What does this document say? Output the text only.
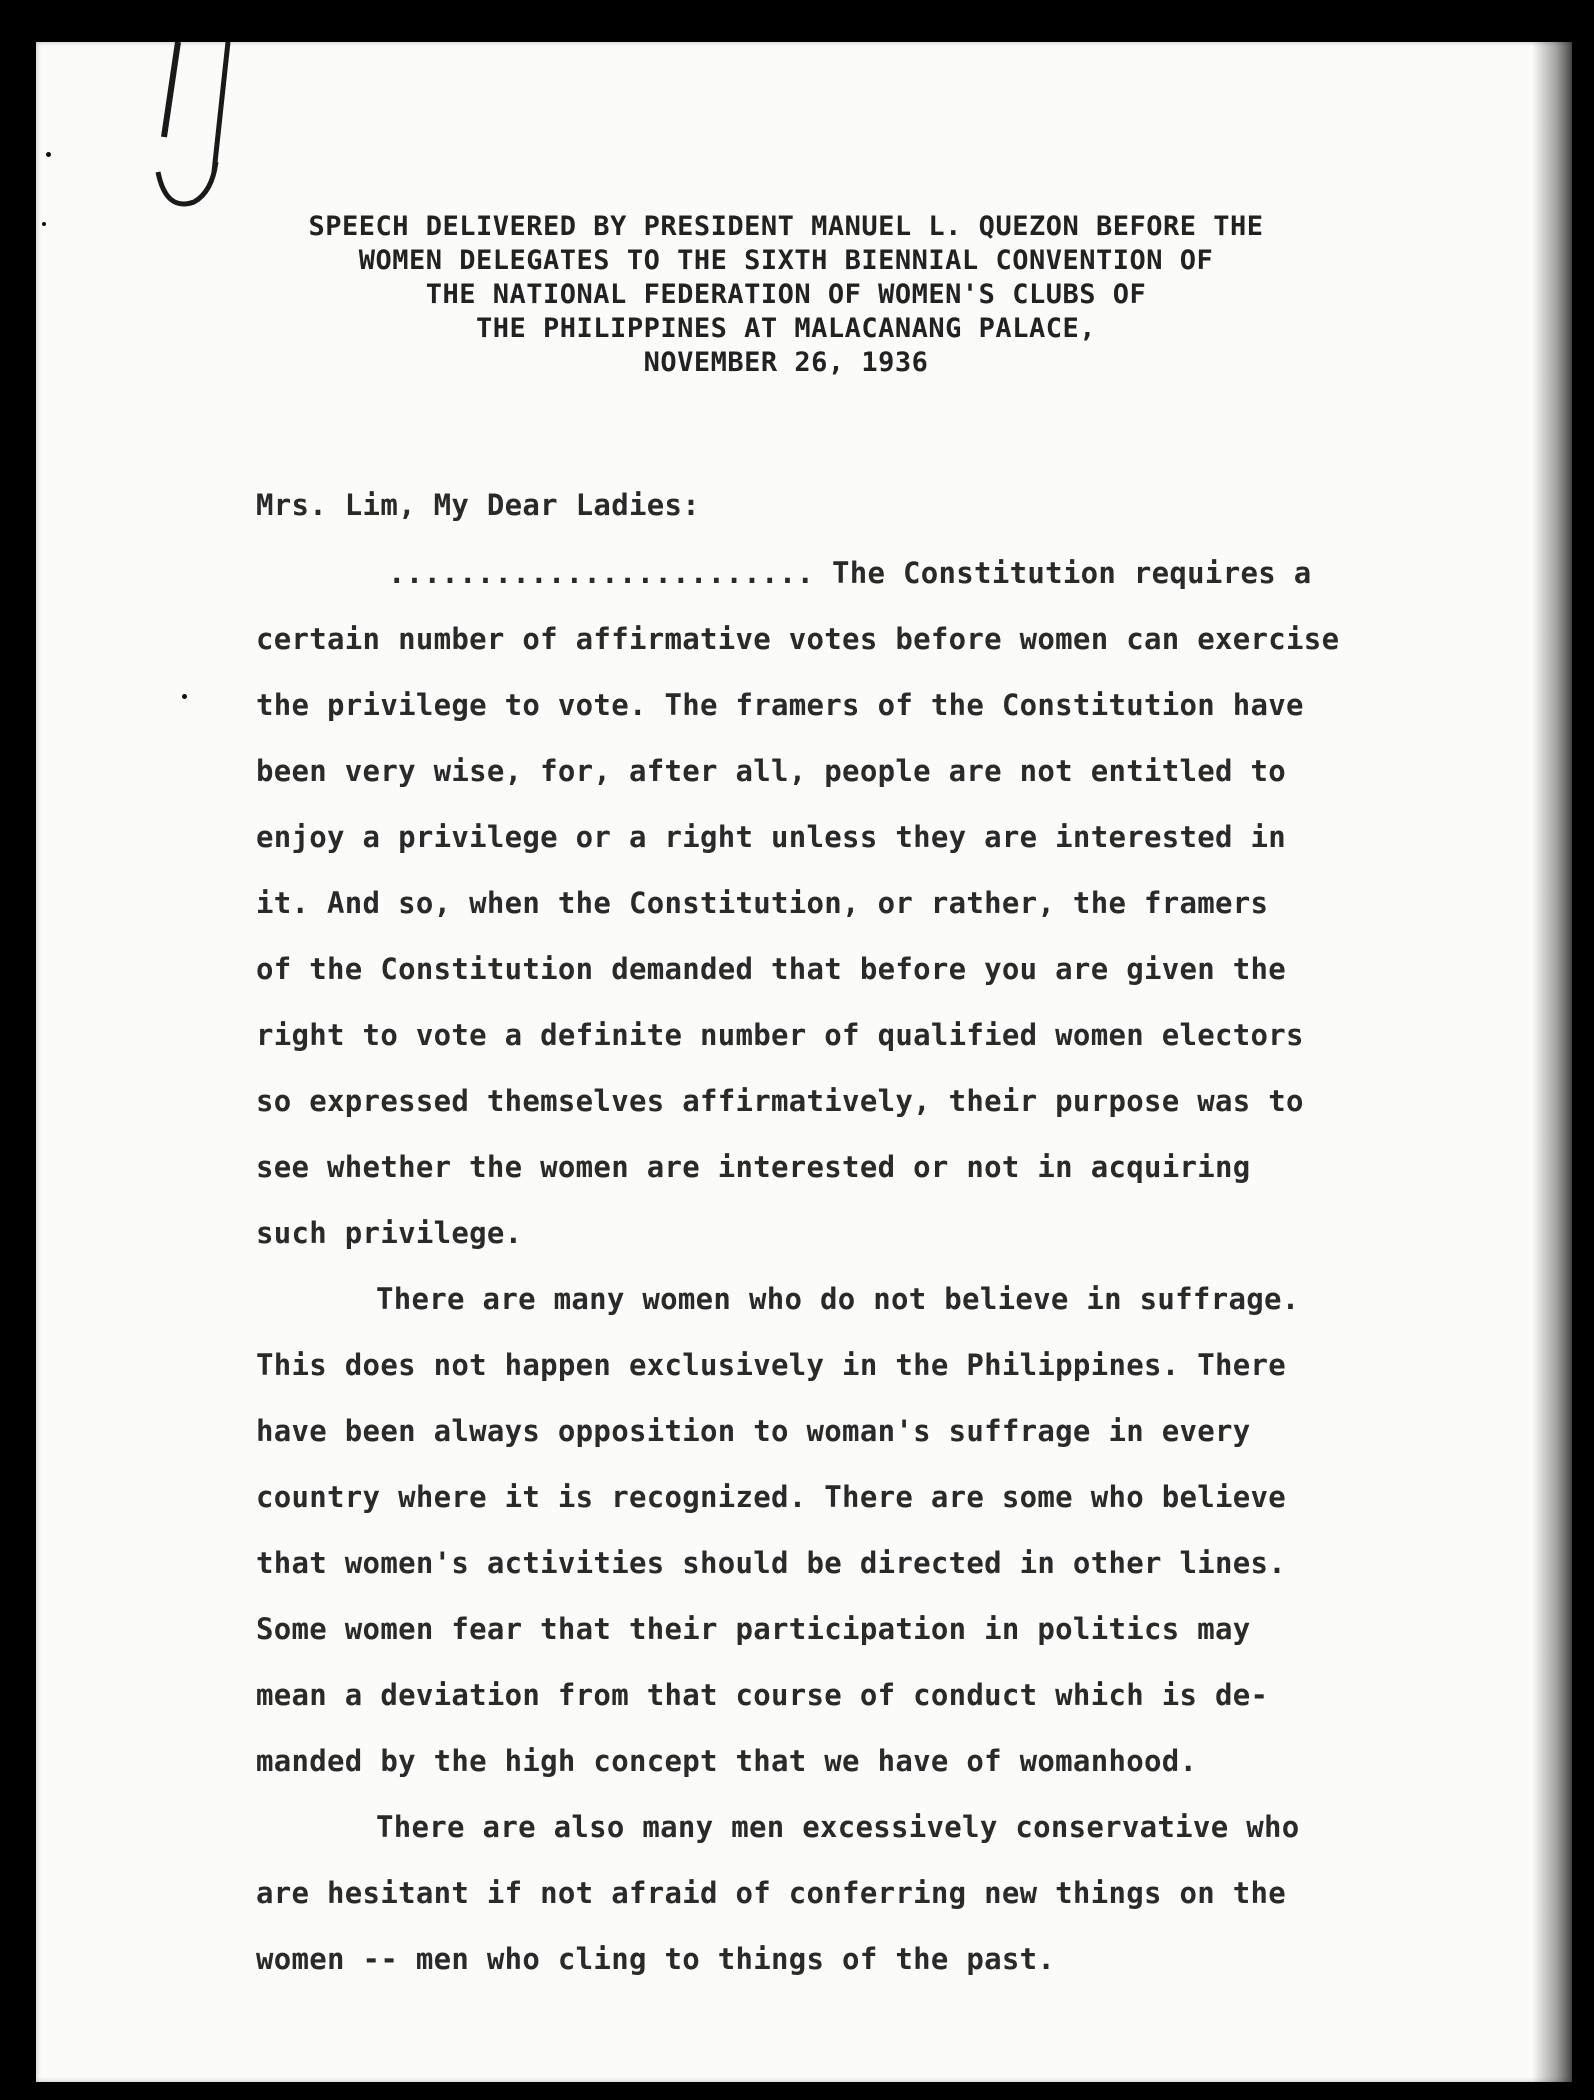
SPEECH DELIVERED BY PRESIDENT MANUEL L. QUEZON BEFORE THE
WOMEN DELEGATES TO THE SIXTH BIENNIAL CONVENTION OF
THE NATIONAL FEDERATION OF WOMEN'S CLUBS OF
THE PHILIPPINES AT MALACANANG PALACE,
NOVEMBER 26, 1936
Mrs. Lim, My Dear Ladies:
........................ The Constitution requires a
certain number of affirmative votes before women can exercise
the privilege to vote. The framers of the Constitution have
been very wise, for, after all, people are not entitled to
enjoy a privilege or a right unless they are interested in
it. And so, when the Constitution, or rather, the framers
of the Constitution demanded that before you are given the
right to vote a definite number of qualified women electors
so expressed themselves affirmatively, their purpose was to
see whether the women are interested or not in acquiring
such privilege.
There are many women who do not believe in suffrage.
This does not happen exclusively in the Philippines. There
have been always opposition to woman's suffrage in every
country where it is recognized. There are some who believe
that women's activities should be directed in other lines.
Some women fear that their participation in politics may
mean a deviation from that course of conduct which is de-
manded by the high concept that we have of womanhood.
There are also many men excessively conservative who
are hesitant if not afraid of conferring new things on the
women -- men who cling to things of the past.
